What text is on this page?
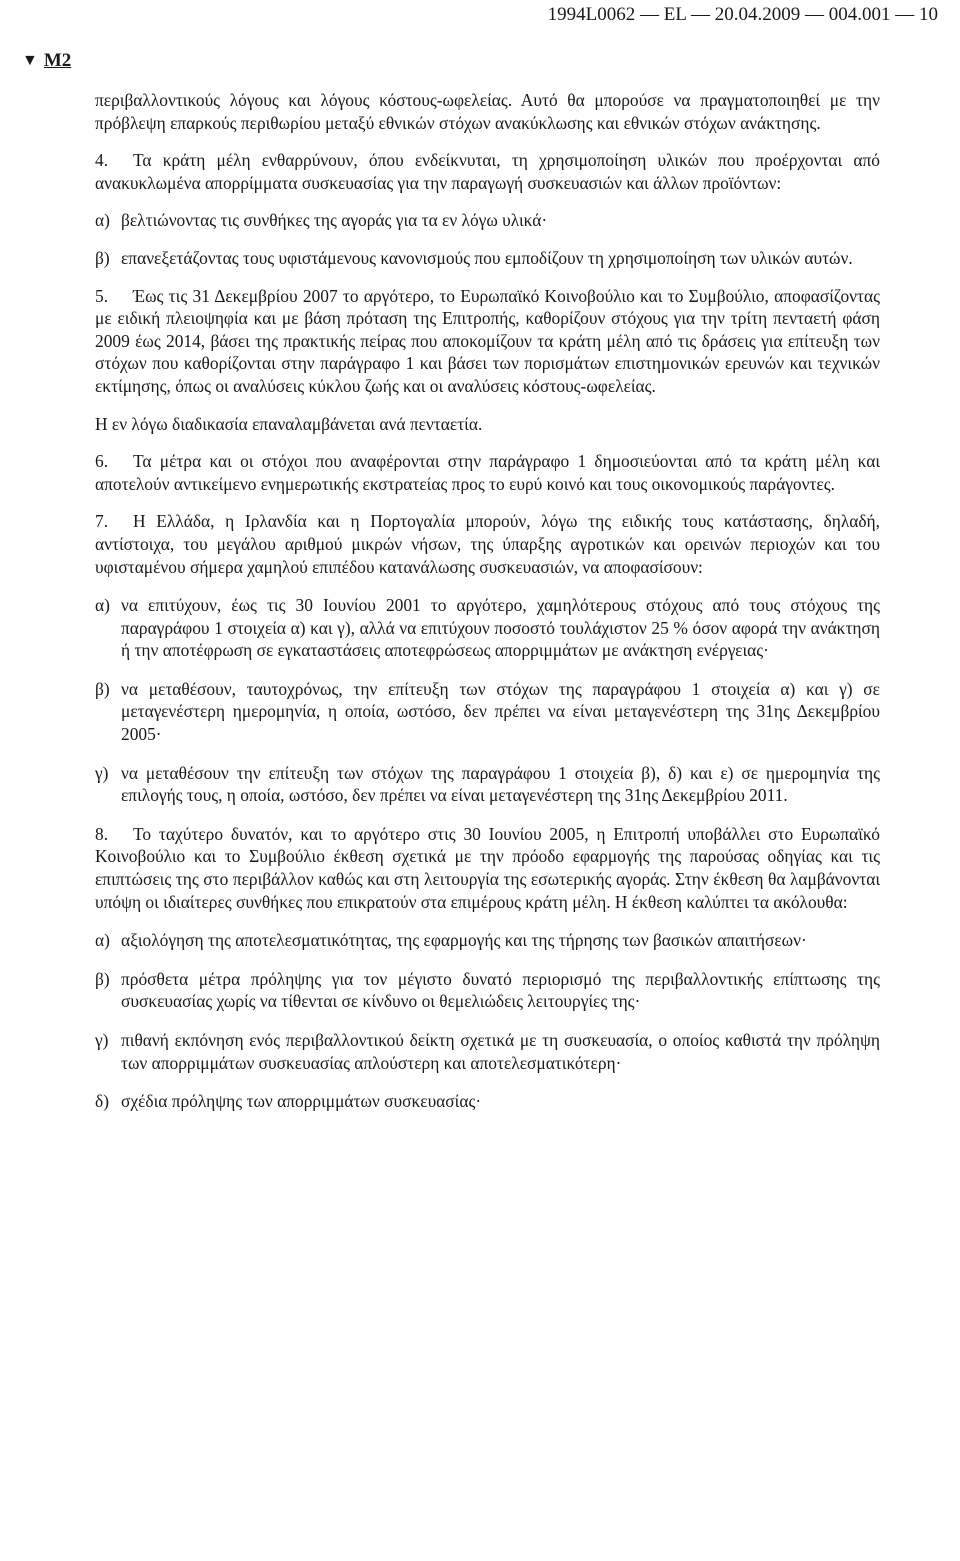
1994L0062 — EL — 20.04.2009 — 004.001 — 10
▼ M2

περιβαλλοντικούς λόγους και λόγους κόστους-ωφελείας. Αυτό θα μπορούσε να πραγματοποιηθεί με την πρόβλεψη επαρκούς περιθωρίου μεταξύ εθνικών στόχων ανακύκλωσης και εθνικών στόχων ανάκτησης.

4. Τα κράτη μέλη ενθαρρύνουν, όπου ενδείκνυται, τη χρησιμοποίηση υλικών που προέρχονται από ανακυκλωμένα απορρίμματα συσκευασίας για την παραγωγή συσκευασιών και άλλων προϊόντων:

α) βελτιώνοντας τις συνθήκες της αγοράς για τα εν λόγω υλικά·
β) επανεξετάζοντας τους υφιστάμενους κανονισμούς που εμποδίζουν τη χρησιμοποίηση των υλικών αυτών.

5. Έως τις 31 Δεκεμβρίου 2007 το αργότερο, το Ευρωπαϊκό Κοινοβούλιο και το Συμβούλιο, αποφασίζοντας με ειδική πλειοψηφία και με βάση πρόταση της Επιτροπής, καθορίζουν στόχους για την τρίτη πενταετή φάση 2009 έως 2014, βάσει της πρακτικής πείρας που αποκομίζουν τα κράτη μέλη από τις δράσεις για επίτευξη των στόχων που καθορίζονται στην παράγραφο 1 και βάσει των πορισμάτων επιστημονικών ερευνών και τεχνικών εκτίμησης, όπως οι αναλύσεις κύκλου ζωής και οι αναλύσεις κόστους-ωφελείας.

Η εν λόγω διαδικασία επαναλαμβάνεται ανά πενταετία.

6. Τα μέτρα και οι στόχοι που αναφέρονται στην παράγραφο 1 δημοσιεύονται από τα κράτη μέλη και αποτελούν αντικείμενο ενημερωτικής εκστρατείας προς το ευρύ κοινό και τους οικονομικούς παράγοντες.

7. Η Ελλάδα, η Ιρλανδία και η Πορτογαλία μπορούν, λόγω της ειδικής τους κατάστασης, δηλαδή, αντίστοιχα, του μεγάλου αριθμού μικρών νήσων, της ύπαρξης αγροτικών και ορεινών περιοχών και του υφισταμένου σήμερα χαμηλού επιπέδου κατανάλωσης συσκευασιών, να αποφασίσουν:

α) να επιτύχουν, έως τις 30 Ιουνίου 2001 το αργότερο, χαμηλότερους στόχους από τους στόχους της παραγράφου 1 στοιχεία α) και γ), αλλά να επιτύχουν ποσοστό τουλάχιστον 25 % όσον αφορά την ανάκτηση ή την αποτέφρωση σε εγκαταστάσεις αποτεφρώσεως απορριμμάτων με ανάκτηση ενέργειας·
β) να μεταθέσουν, ταυτοχρόνως, την επίτευξη των στόχων της παραγράφου 1 στοιχεία α) και γ) σε μεταγενέστερη ημερομηνία, η οποία, ωστόσο, δεν πρέπει να είναι μεταγενέστερη της 31ης Δεκεμβρίου 2005·
γ) να μεταθέσουν την επίτευξη των στόχων της παραγράφου 1 στοιχεία β), δ) και ε) σε ημερομηνία της επιλογής τους, η οποία, ωστόσο, δεν πρέπει να είναι μεταγενέστερη της 31ης Δεκεμβρίου 2011.

8. Το ταχύτερο δυνατόν, και το αργότερο στις 30 Ιουνίου 2005, η Επιτροπή υποβάλλει στο Ευρωπαϊκό Κοινοβούλιο και το Συμβούλιο έκθεση σχετικά με την πρόοδο εφαρμογής της παρούσας οδηγίας και τις επιπτώσεις της στο περιβάλλον καθώς και στη λειτουργία της εσωτερικής αγοράς. Στην έκθεση θα λαμβάνονται υπόψη οι ιδιαίτερες συνθήκες που επικρατούν στα επιμέρους κράτη μέλη. Η έκθεση καλύπτει τα ακόλουθα:

α) αξιολόγηση της αποτελεσματικότητας, της εφαρμογής και της τήρησης των βασικών απαιτήσεων·
β) πρόσθετα μέτρα πρόληψης για τον μέγιστο δυνατό περιορισμό της περιβαλλοντικής επίπτωσης της συσκευασίας χωρίς να τίθενται σε κίνδυνο οι θεμελιώδεις λειτουργίες της·
γ) πιθανή εκπόνηση ενός περιβαλλοντικού δείκτη σχετικά με τη συσκευασία, ο οποίος καθιστά την πρόληψη των απορριμμάτων συσκευασίας απλούστερη και αποτελεσματικότερη·
δ) σχέδια πρόληψης των απορριμμάτων συσκευασίας·
